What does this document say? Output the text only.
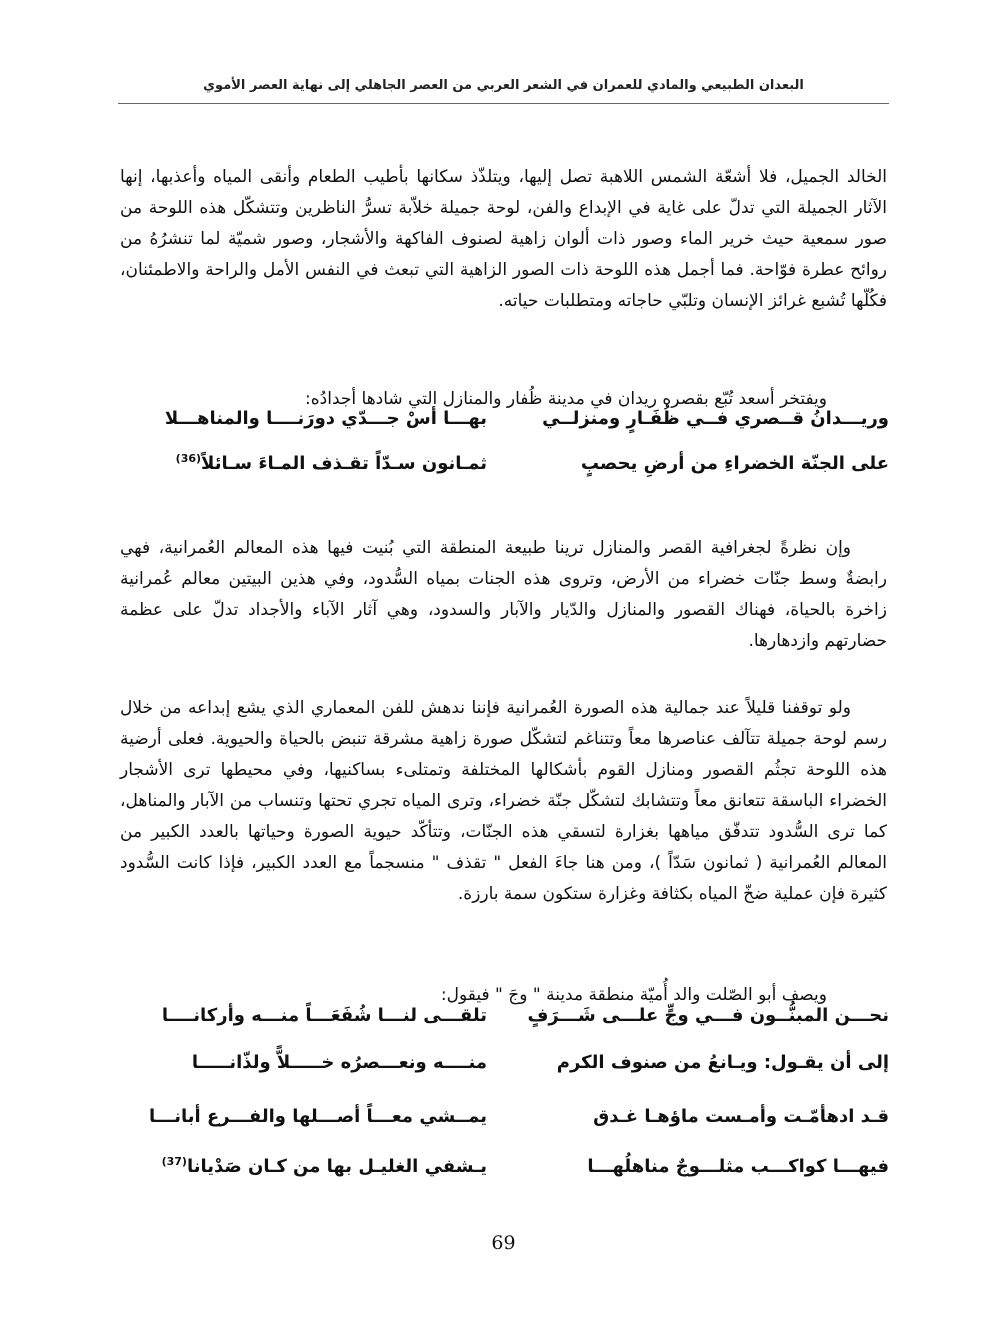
البعدان الطبيعي والمادي للعمران في الشعر العربي من العصر الجاهلي إلى نهاية العصر الأموي

الخالد الجميل، فلا أشعّة الشمس اللاهبة تصل إليها، ويتلذّذ سكانها بأطيب الطعام وأنقى المياه وأعذبها، إنها الآثار الجميلة التي تدلّ على غاية في الإبداع والفن، لوحة جميلة خلاّبة تسرُّ الناظرين وتتشكّل هذه اللوحة من صور سمعية حيث خرير الماء وصور ذات ألوان زاهية لصنوف الفاكهة والأشجار، وصور شميّة لما تنشرُهُ من روائح عطرة فوّاحة. فما أجمل هذه اللوحة ذات الصور الزاهية التي تبعث في النفس الأمل والراحة والاطمئنان، فكُلّها تُشبع غرائز الإنسان وتلبّي حاجاته ومتطلبات حياته.

ويفتخر أسعد تُبّع بقصره ريدان في مدينة ظُفار والمنازل التي شادها أجدادُه:

وريـــدانُ قــصري فــي ظُفَـارٍ ومنزلــي
بهـــا أسْ جـــدّي دورَنــــا والمناهـــلا
على الجنّة الخضراءِ من أرضِ يحصبٍ
ثمـانون سـدّاً تقـذف المـاءَ سـائلاً$^{(36)}$

وإن نظرةً لجغرافية القصر والمنازل ترينا طبيعة المنطقة التي بُنيت فيها هذه المعالم العُمرانية، فهي رابضةٌ وسط جنّات خضراء من الأرض، وتروى هذه الجنات بمياه السُّدود، وفي هذين البيتين معالم عُمرانية زاخرة بالحياة، فهناك القصور والمنازل والدّيار والآبار والسدود، وهي آثار الآباء والأجداد تدلّ على عظمة حضارتهم وازدهارها.

ولو توقفنا قليلاً عند جمالية هذه الصورة العُمرانية فإننا ندهش للفن المعماري الذي يشع إبداعه من خلال رسم لوحة جميلة تتآلف عناصرها معاً وتتناغم لتشكّل صورة زاهية مشرقة تنبض بالحياة والحيوية. فعلى أرضية هذه اللوحة تجثُم القصور ومنازل القوم بأشكالها المختلفة وتمتلىء بساكنيها، وفي محيطها ترى الأشجار الخضراء الباسقة تتعانق معاً وتتشابك لتشكّل جنّة خضراء، وترى المياه تجري تحتها وتنساب من الآبار والمناهل، كما ترى السُّدود تتدفّق مياهها بغزارة لتسقي هذه الجنّات، وتتأكّد حيوية الصورة وحياتها بالعدد الكبير من المعالم العُمرانية ( ثمانون سَدّاً )، ومن هنا جاءَ الفعل " تقذف " منسجماً مع العدد الكبير، فإذا كانت السُّدود كثيرة فإن عملية ضخّ المياه بكثافة وغزارة ستكون سمة بارزة.

ويصف أبو الصّلت والد أُميّة منطقة مدينة " وجَ " فيقول:

نحـــن المبنُّــون فـــي وجٍّ علـــى شَـــرَفٍ
تلقـــى لنـــا شُفَعَـــاً منـــه وأركانــــا
إلى أن يقـول: ويـانعُ من صنوف الكرم
منــــه ونعـــصرُه خـــــلاًّ ولذّانـــــا
قـد ادهأمّـت وأمـست ماؤهـا غـدق
يمــشي معـــاً أصـــلها والفـــرع أبانـــا
فيهـــا كواكـــب مثلـــوجٌ مناهلُهـــا
يـشفي الغليـل بها من كـان صَدْيانا$^{(37)}$
69
